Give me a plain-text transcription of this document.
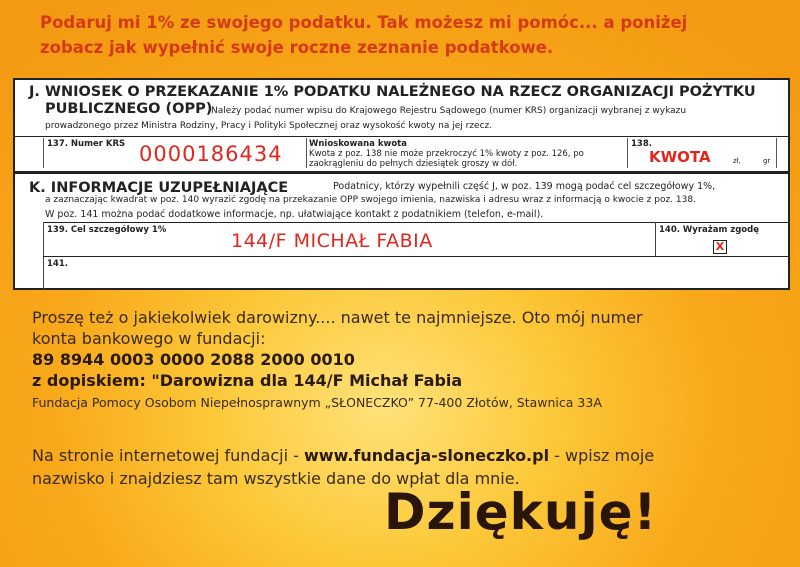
Podaruj mi 1% ze swojego podatku. Tak możesz mi pomóc... a poniżej
zobacz jak wypełnić swoje roczne zeznanie podatkowe.
J. WNIOSEK O PRZEKAZANIE 1% PODATKU NALEŻNEGO NA RZECZ ORGANIZACJI POŻYTKU
PUBLICZNEGO (OPP)
Należy podać numer wpisu do Krajowego Rejestru Sądowego (numer KRS) organizacji wybranej z wykazu
prowadzonego przez Ministra Rodziny, Pracy i Polityki Społecznej oraz wysokość kwoty na jej rzecz.
137. Numer KRS 0000186434	Wnioskowana kwota
Kwota z poz. 138 nie może przekroczyć 1% kwoty z poz. 126, po
zaokrągleniu do pełnych dziesiątek groszy w dół.
138.
KWOTA	zł,	gr
K. INFORMACJE UZUPEŁNIAJĄCE	Podatnicy, którzy wypełnili część J, w poz. 139 mogą podać cel szczegółowy 1%,
a zaznaczając kwadrat w poz. 140 wyrazić zgodę na przekazanie OPP swojego imienia, nazwiska i adresu wraz z informacją o kwocie z poz. 138.
W poz. 141 można podać dodatkowe informacje, np. ułatwiające kontakt z podatnikiem (telefon, e-mail).
139. Cel szczegółowy 1%	144/F MICHAŁ FABIA	140. Wyrażam zgodę
X
141.
Proszę też o jakiekolwiek darowizny.... nawet te najmniejsze. Oto mój numer
konta bankowego w fundacji:
89 8944 0003 0000 2088 2000 0010
z dopiskiem: "Darowizna dla 144/F Michał Fabia
Fundacja Pomocy Osobom Niepełnosprawnym „SŁONECZKO” 77-400 Złotów, Stawnica 33A
Na stronie internetowej fundacji - www.fundacja-sloneczko.pl - wpisz moje
nazwisko i znajdziesz tam wszystkie dane do wpłat dla mnie.
Dziękuję!
